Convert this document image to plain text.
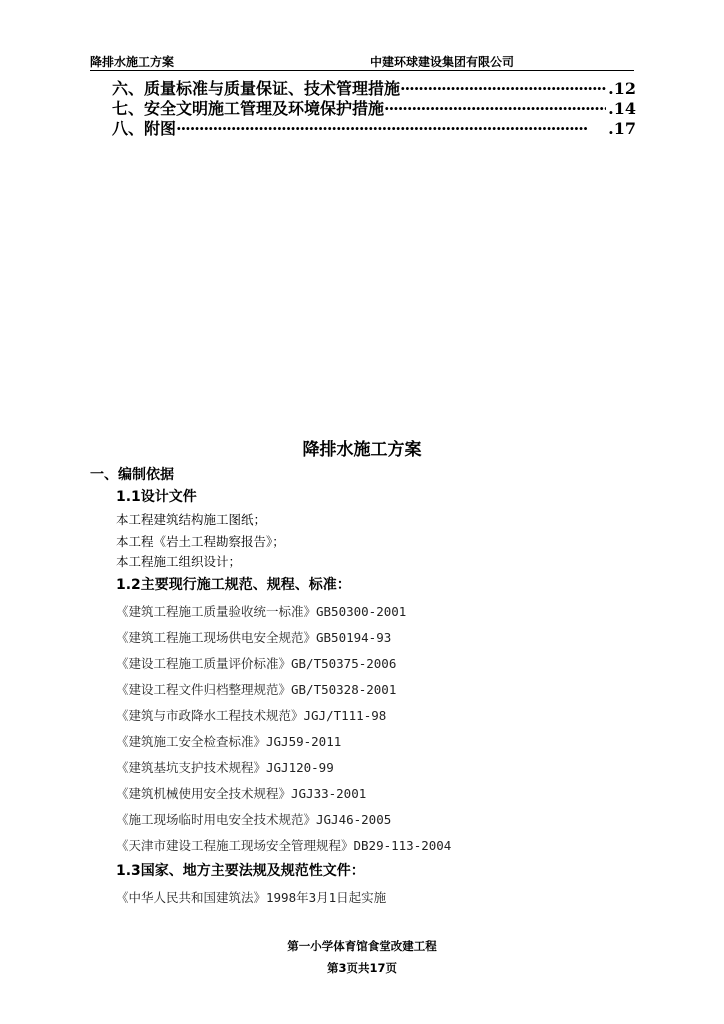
降排水施工方案	中建环球建设集团有限公司
六、质量标准与质量保证、技术管理措施 ·····	.12
七、安全文明施工管理及环境保护措施 ·····	.14
八、附图 ·····	.17
降排水施工方案
一、编制依据
1.1设计文件
本工程建筑结构施工图纸；
本工程《岩土工程勘察报告》；
本工程施工组织设计；
1.2主要现行施工规范、规程、标准：
《建筑工程施工质量验收统一标准》GB50300-2001
《建筑工程施工现场供电安全规范》GB50194-93
《建设工程施工质量评价标准》GB/T50375-2006
《建设工程文件归档整理规范》GB/T50328-2001
《建筑与市政降水工程技术规范》JGJ/T111-98
《建筑施工安全检查标准》JGJ59-2011
《建筑基坑支护技术规程》JGJ120-99
《建筑机械使用安全技术规程》JGJ33-2001
《施工现场临时用电安全技术规范》JGJ46-2005
《天津市建设工程施工现场安全管理规程》DB29-113-2004
1.3国家、地方主要法规及规范性文件：
《中华人民共和国建筑法》1998年3月1日起实施
第一小学体育馆食堂改建工程
第3页共17页
